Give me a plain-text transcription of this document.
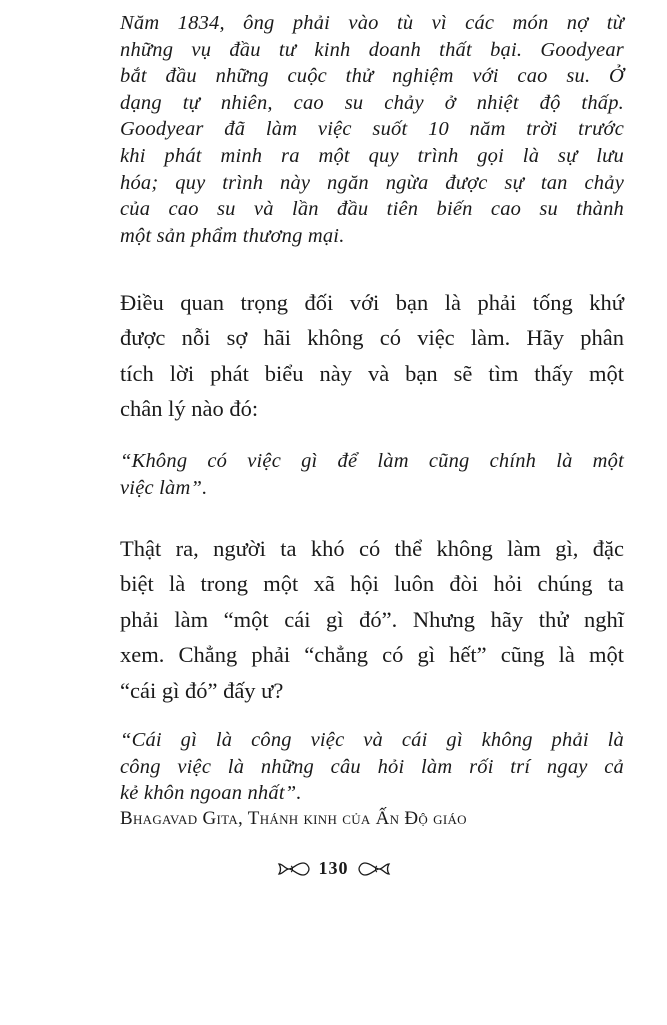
Năm 1834, ông phải vào tù vì các món nợ từ
những vụ đầu tư kinh doanh thất bại. Goodyear
bắt đầu những cuộc thử nghiệm với cao su. Ở
dạng tự nhiên, cao su chảy ở nhiệt độ thấp.
Goodyear đã làm việc suốt 10 năm trời trước
khi phát minh ra một quy trình gọi là sự lưu
hóa; quy trình này ngăn ngừa được sự tan chảy
của cao su và lần đầu tiên biến cao su thành
một sản phẩm thương mại.

Điều quan trọng đối với bạn là phải tống khứ
được nỗi sợ hãi không có việc làm. Hãy phân
tích lời phát biểu này và bạn sẽ tìm thấy một
chân lý nào đó:

“Không có việc gì để làm cũng chính là một
việc làm”.

Thật ra, người ta khó có thể không làm gì, đặc
biệt là trong một xã hội luôn đòi hỏi chúng ta
phải làm “một cái gì đó”. Nhưng hãy thử nghĩ
xem. Chẳng phải “chẳng có gì hết” cũng là một
“cái gì đó” đấy ư?

“Cái gì là công việc và cái gì không phải là
công việc là những câu hỏi làm rối trí ngay cả
kẻ khôn ngoan nhất”.

Bhagavad Gita, Thánh kinh của Ấn Độ giáo
130
